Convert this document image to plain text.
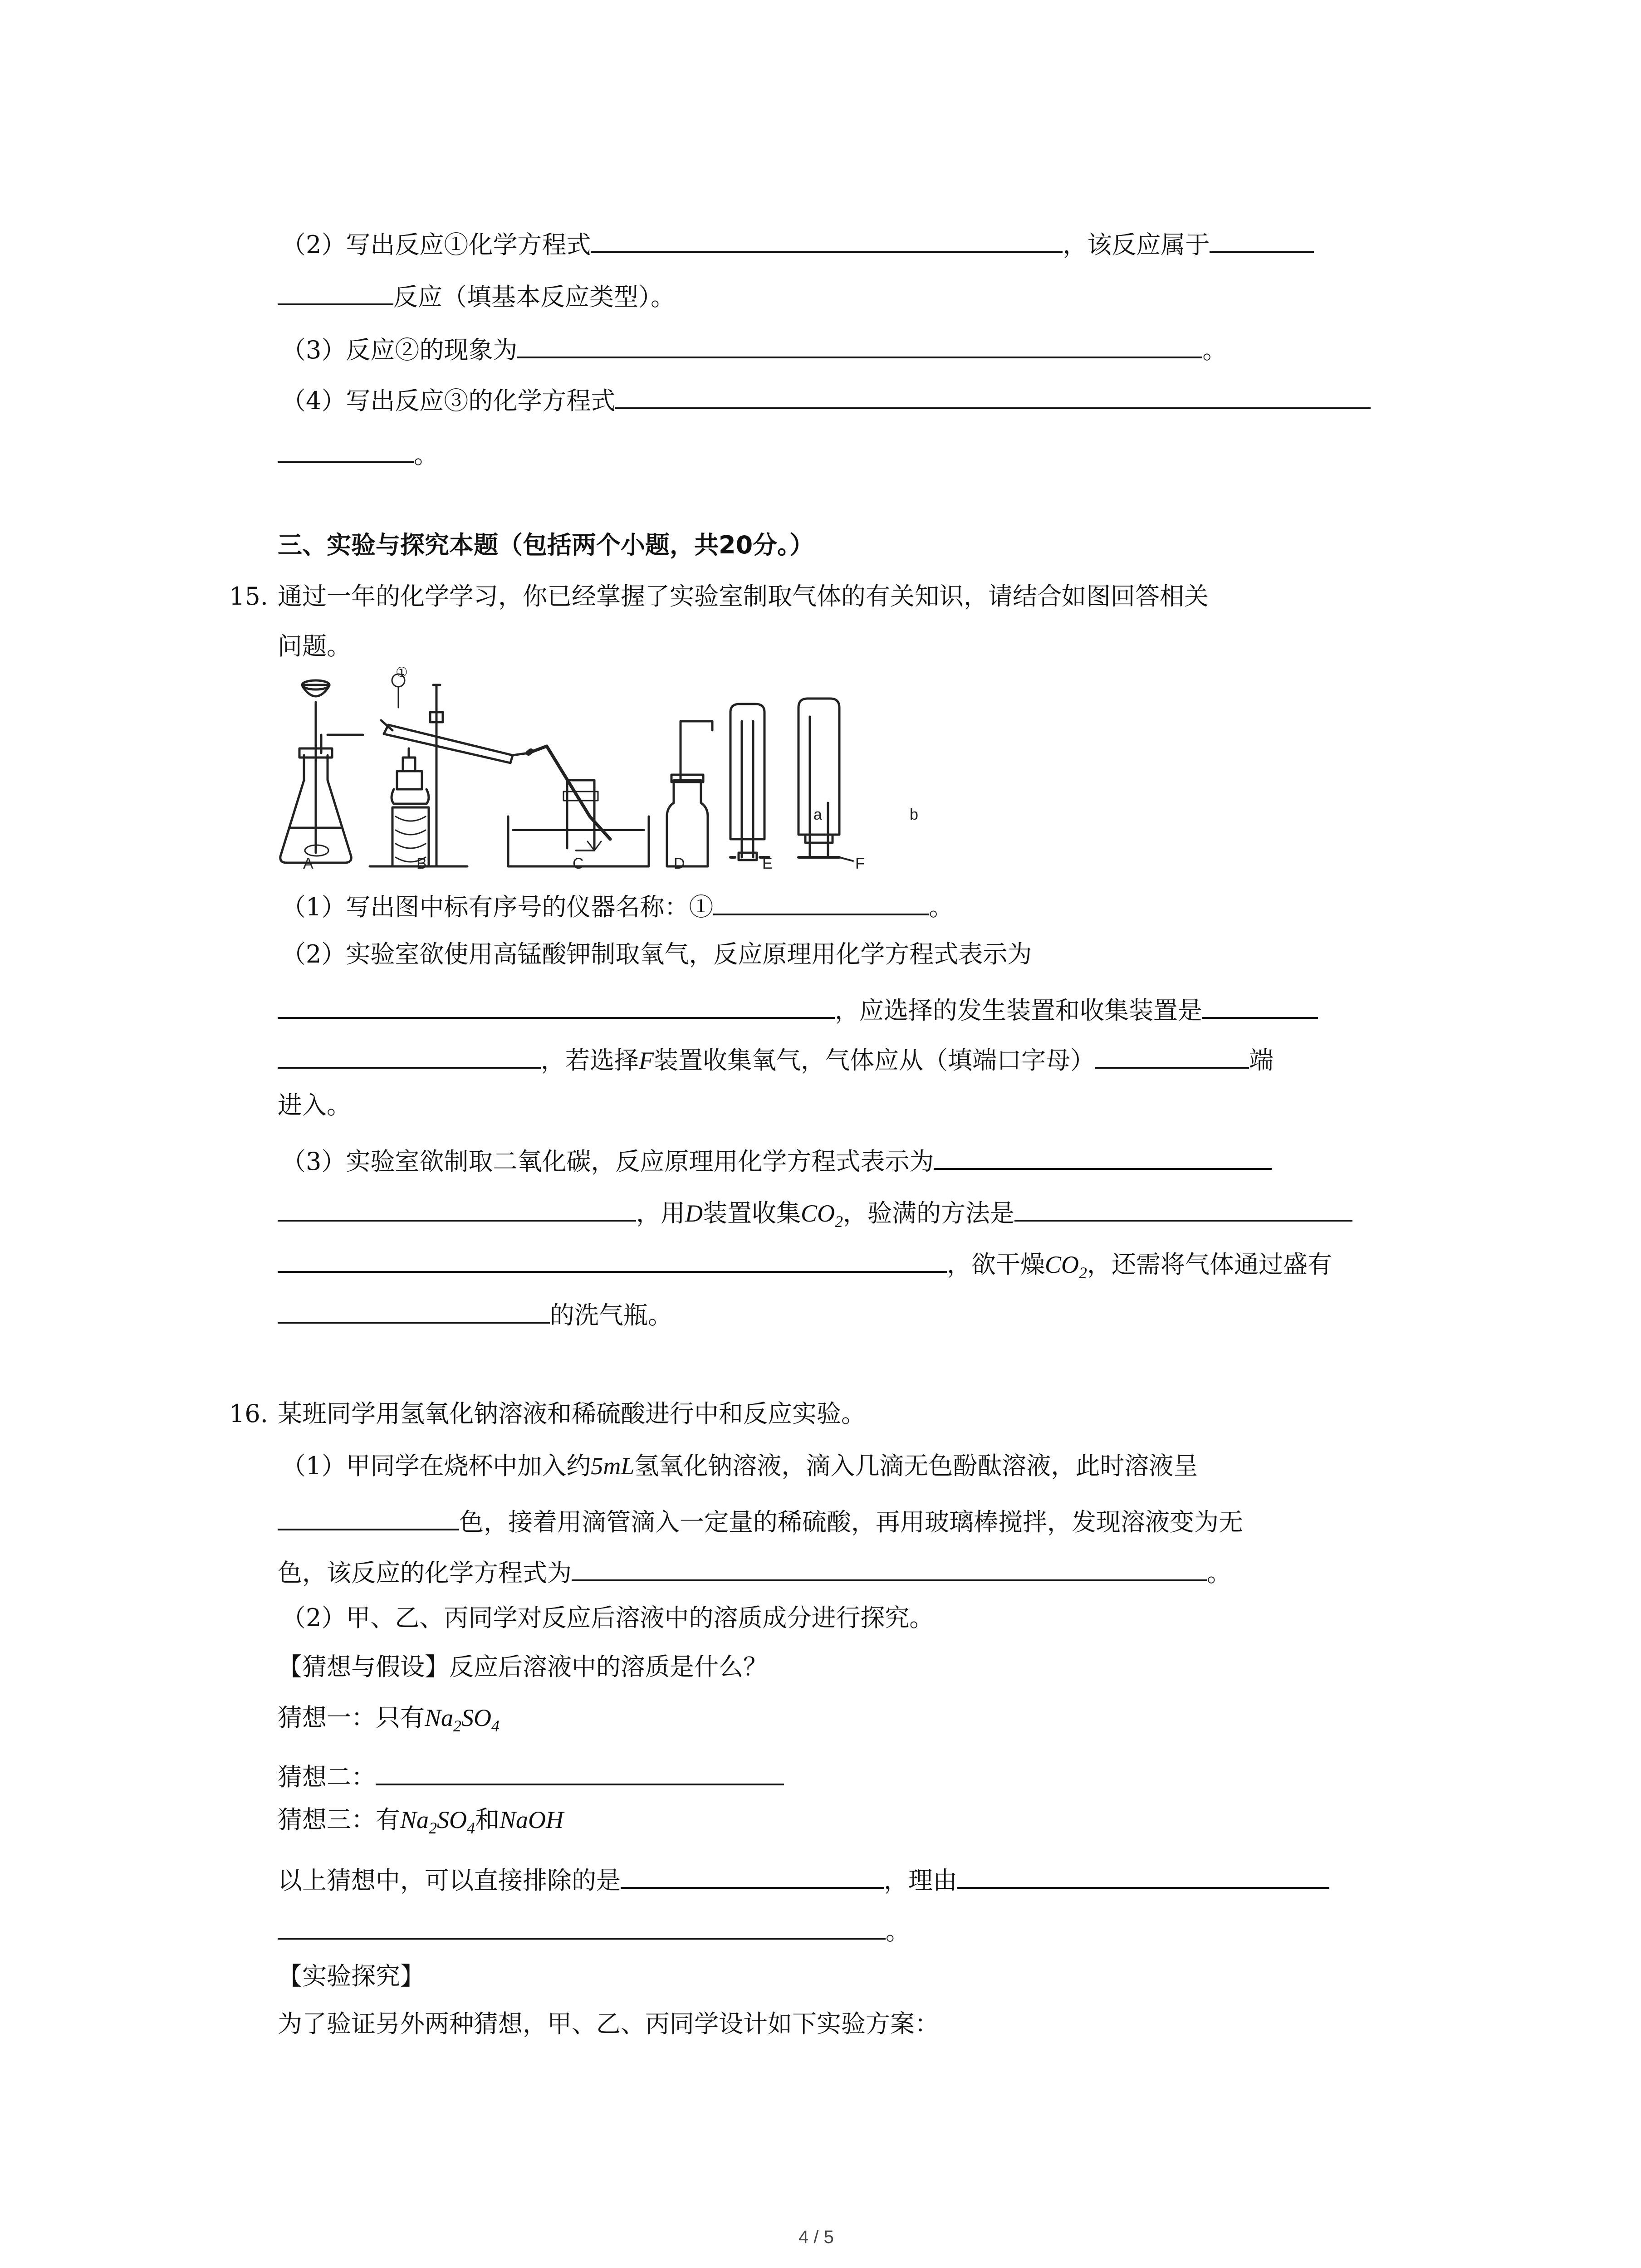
（2）写出反应①化学方程式	，该反应属于
反应（填基本反应类型）。
（3）反应②的现象为	。
（4）写出反应③的化学方程式
。
三、实验与探究本题（包括两个小题，共20分。）
15. 通过一年的化学学习，你已经掌握了实验室制取气体的有关知识，请结合如图回答相关
问题。
①
A	B	C	D	E	F
a	b
（1）写出图中标有序号的仪器名称：①	。
（2）实验室欲使用高锰酸钾制取氧气，反应原理用化学方程式表示为
，应选择的发生装置和收集装置是
，若选择F装置收集氧气，气体应从（填端口字母）	端
进入。
（3）实验室欲制取二氧化碳，反应原理用化学方程式表示为
，用D装置收集$CO_2$，验满的方法是
，欲干燥$CO_2$，还需将气体通过盛有
的洗气瓶。
16. 某班同学用氢氧化钠溶液和稀硫酸进行中和反应实验。
（1）甲同学在烧杯中加入约5mL氢氧化钠溶液，滴入几滴无色酚酞溶液，此时溶液呈
色，接着用滴管滴入一定量的稀硫酸，再用玻璃棒搅拌，发现溶液变为无
色，该反应的化学方程式为	。
（2）甲、乙、丙同学对反应后溶液中的溶质成分进行探究。
【猜想与假设】反应后溶液中的溶质是什么？
猜想一：只有$Na_2SO_4$
猜想二：
猜想三：有$Na_2SO_4$和NaOH
以上猜想中，可以直接排除的是	，理由
。
【实验探究】
为了验证另外两种猜想，甲、乙、丙同学设计如下实验方案：
4 / 5
